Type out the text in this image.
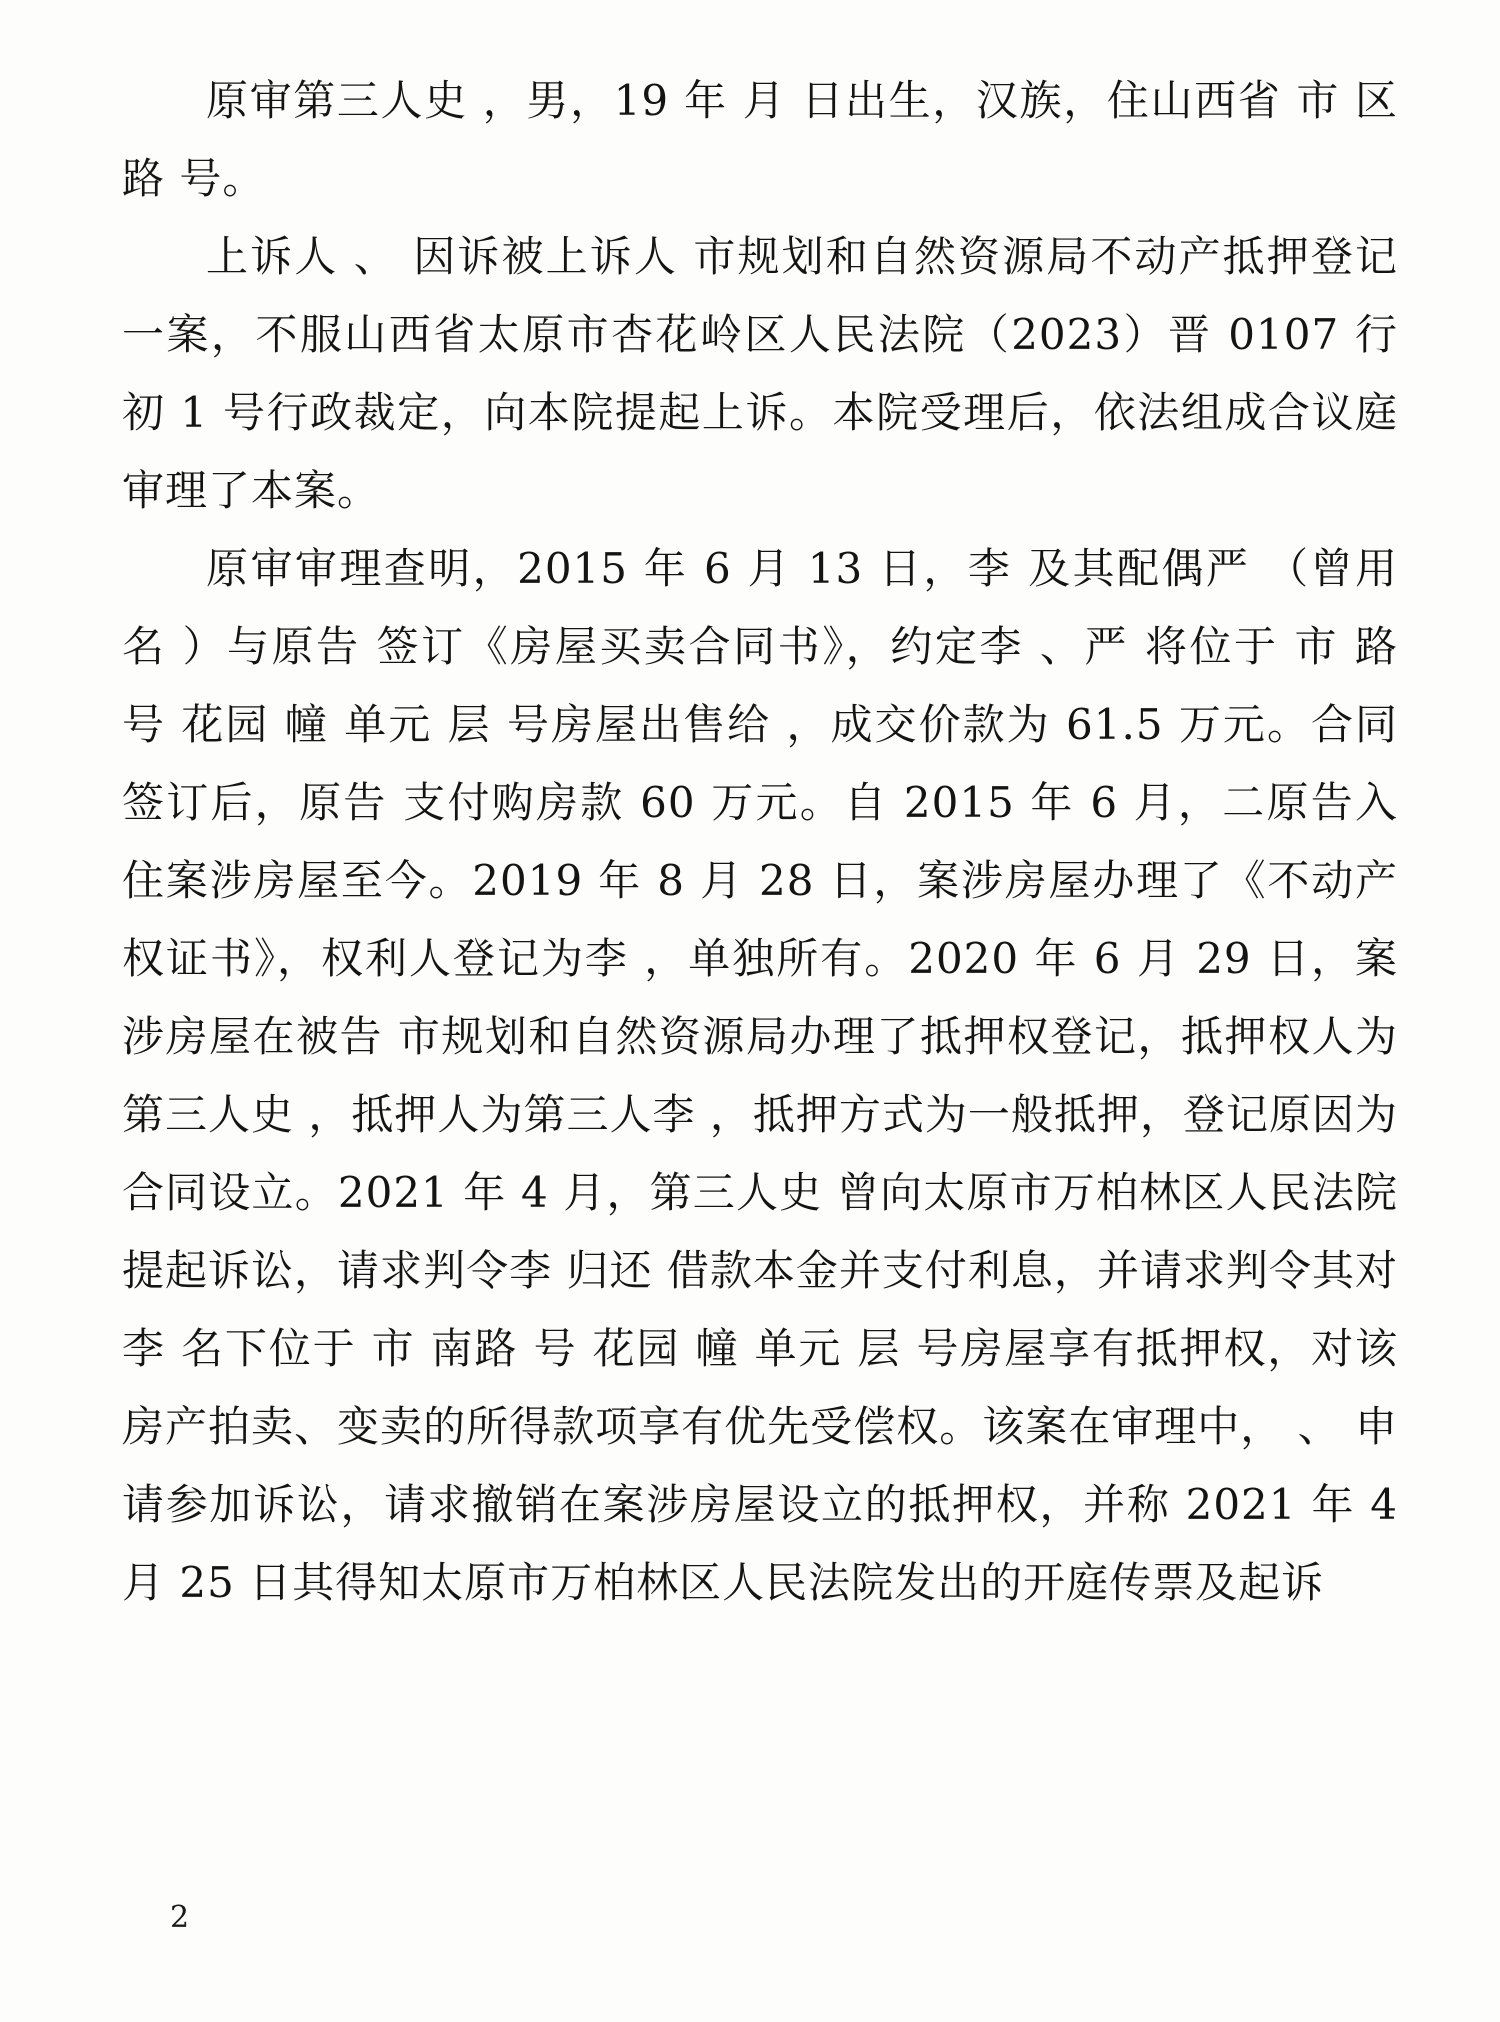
原审第三人史 ，男，19 年 月 日出生，汉族，住山西省 市 区 路 号。

上诉人 、 因诉被上诉人 市规划和自然资源局不动产抵押登记一案，不服山西省太原市杏花岭区人民法院（2023）晋 0107 行初 1 号行政裁定，向本院提起上诉。本院受理后，依法组成合议庭审理了本案。

原审审理查明，2015 年 6 月 13 日，李 及其配偶严 （曾用名 ）与原告 签订《房屋买卖合同书》，约定李 、严 将位于 市 路 号 花园 幢 单元 层 号房屋出售给 ，成交价款为 61.5 万元。合同签订后，原告 支付购房款 60 万元。自 2015 年 6 月，二原告入住案涉房屋至今。2019 年 8 月 28 日，案涉房屋办理了《不动产权证书》，权利人登记为李 ，单独所有。2020 年 6 月 29 日，案涉房屋在被告 市规划和自然资源局办理了抵押权登记，抵押权人为第三人史 ，抵押人为第三人李 ，抵押方式为一般抵押，登记原因为合同设立。2021 年 4 月，第三人史 曾向太原市万柏林区人民法院提起诉讼，请求判令李 归还 借款本金并支付利息，并请求判令其对李 名下位于 市 南路 号 花园 幢 单元 层 号房屋享有抵押权，对该房产拍卖、变卖的所得款项享有优先受偿权。该案在审理中， 、 申请参加诉讼，请求撤销在案涉房屋设立的抵押权，并称 2021 年 4 月 25 日其得知太原市万柏林区人民法院发出的开庭传票及起诉

2
